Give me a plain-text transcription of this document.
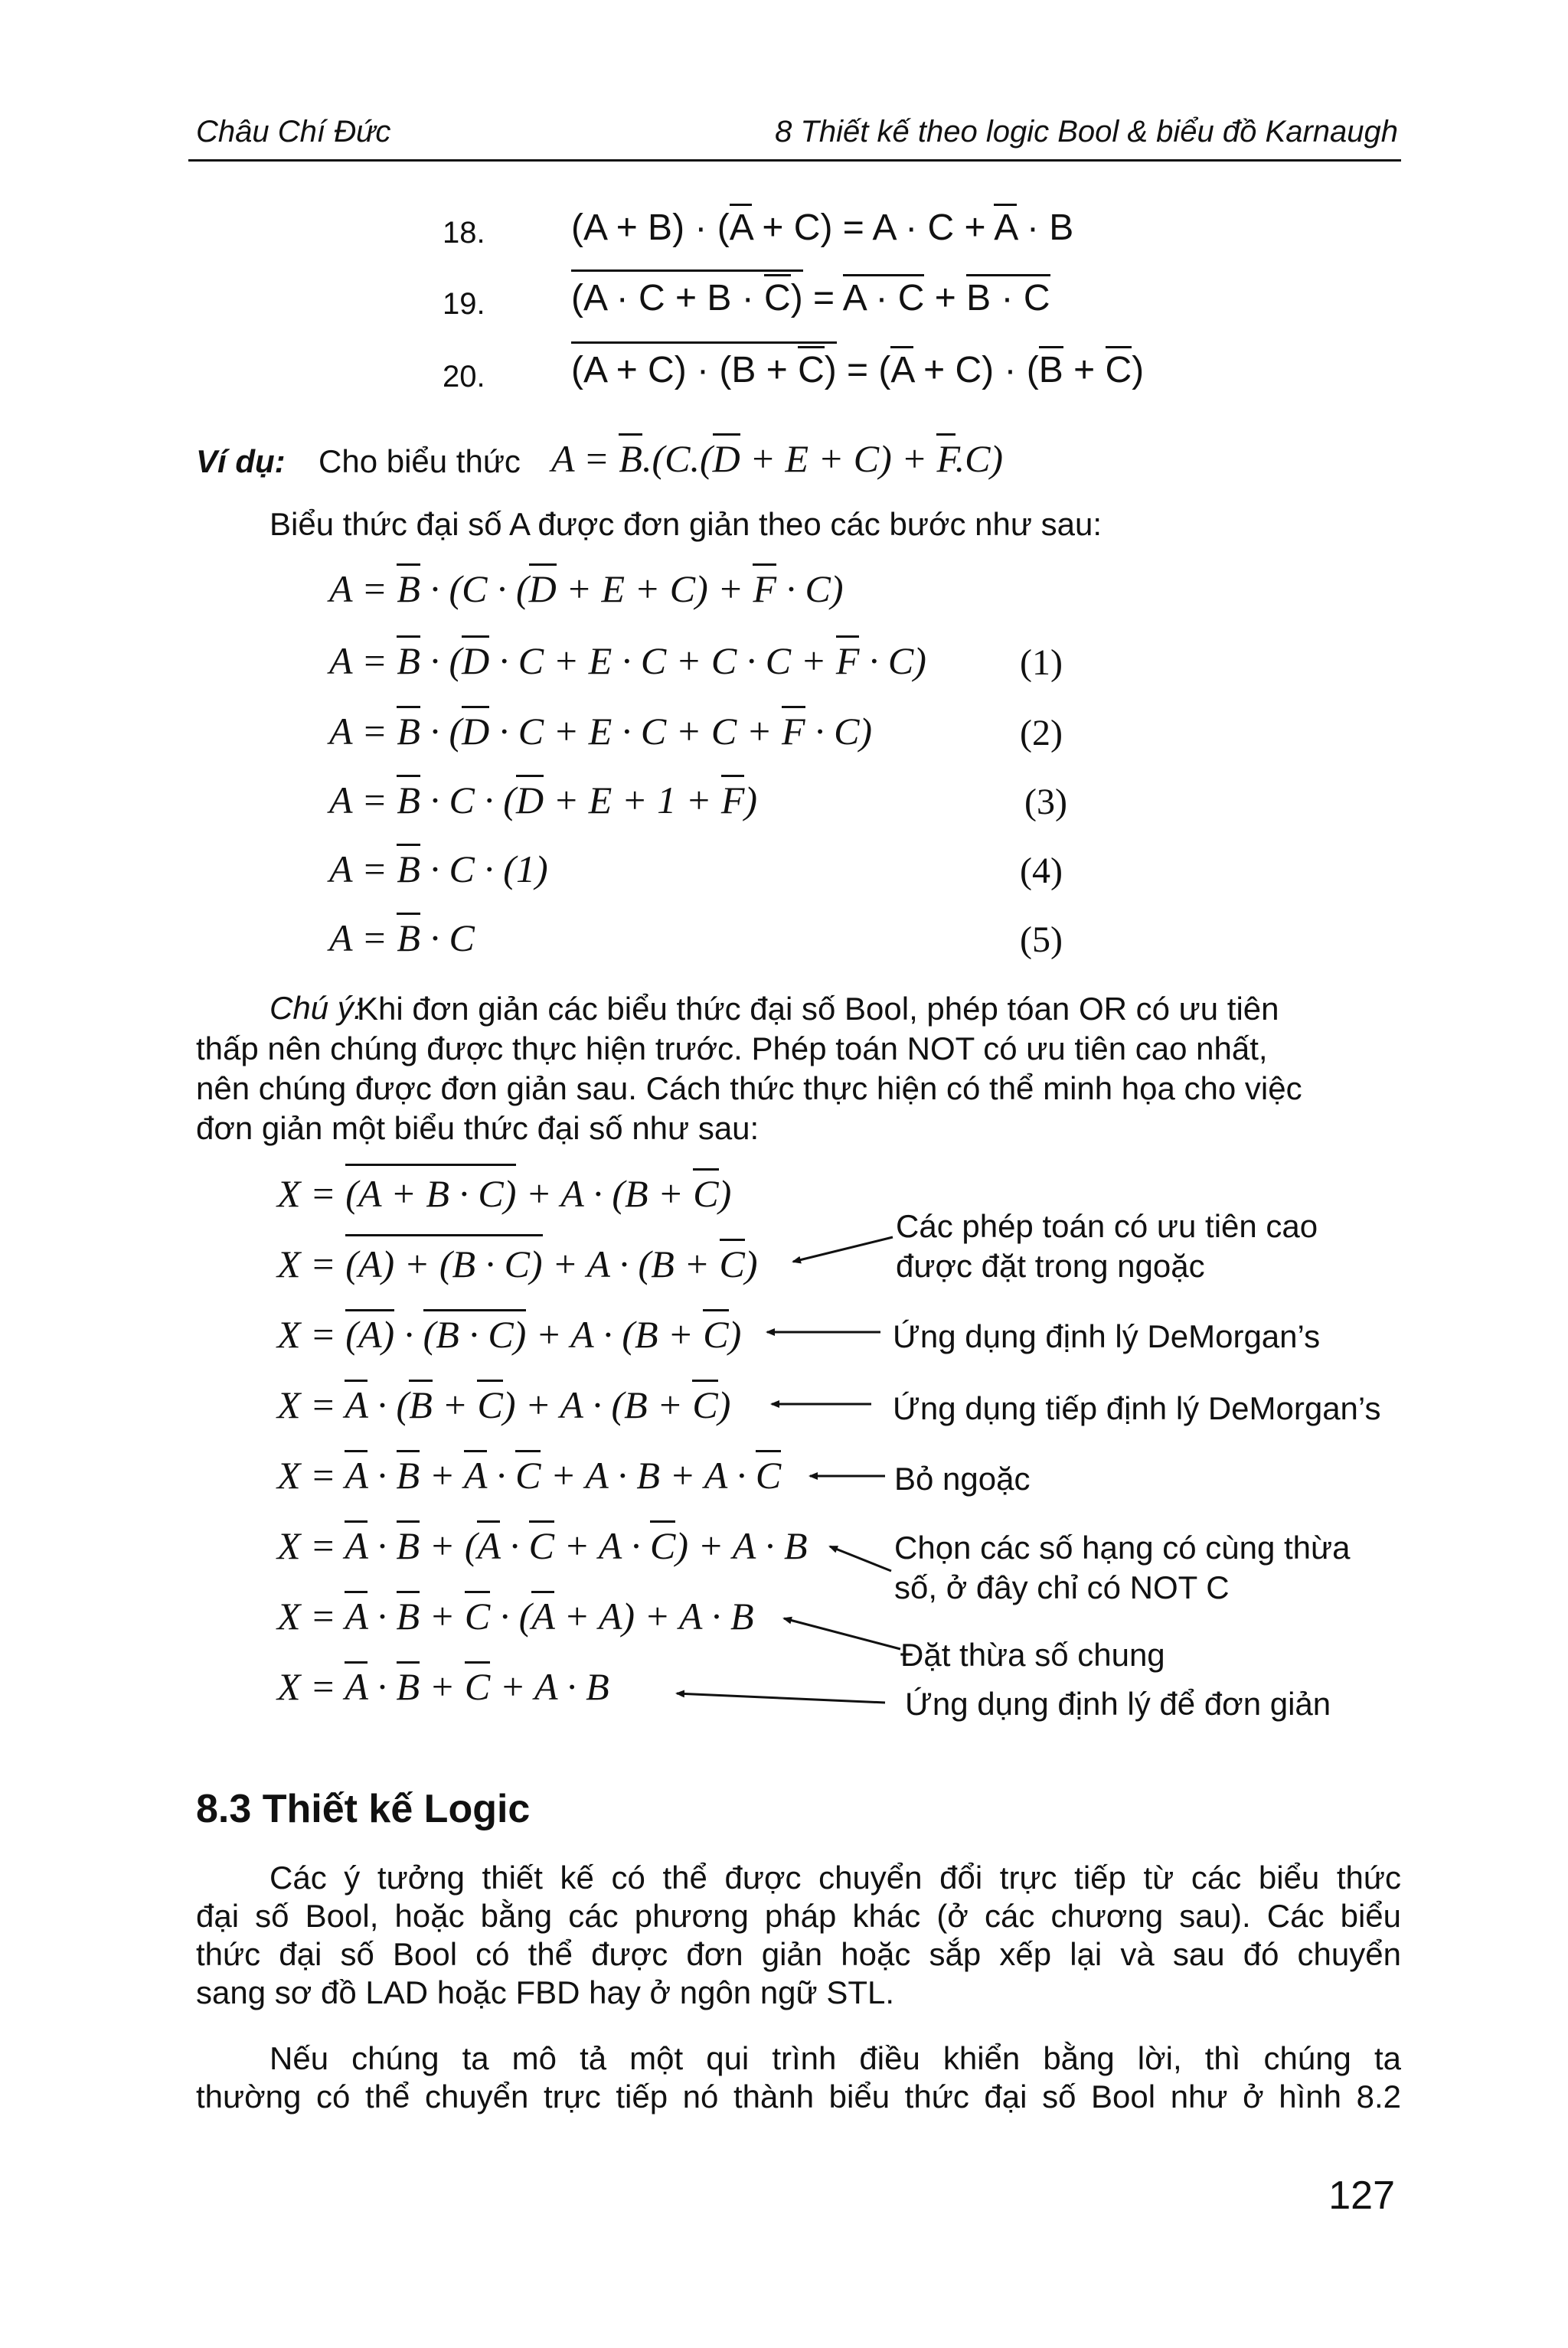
Châu Chí Đức	8 Thiết kế theo logic Bool & biểu đồ Karnaugh
18. (A + B) · (A + C) = A · C + A · B
19. (A · C + B · C) = A · C + B · C
20. (A + C) · (B + C) = (A + C) · (B + C)
Ví dụ: Cho biểu thức A = B.(C.(D + E + C) + F.C)
Biểu thức đại số A được đơn giản theo các bước như sau:
A = B · (C · (D + E + C) + F · C)
A = B · (D · C + E · C + C · C + F · C)	(1)
A = B · (D · C + E · C + C + F · C)	(2)
A = B · C · (D + E + 1 + F)	(3)
A = B · C · (1)	(4)
A = B · C	(5)
Chú ý:
Khi đơn giản các biểu thức đại số Bool, phép tóan OR có ưu tiên
thấp nên chúng được thực hiện trước. Phép toán NOT có ưu tiên cao nhất,
nên chúng được đơn giản sau. Cách thức thực hiện có thể minh họa cho việc
đơn giản một biểu thức đại số như sau:
X = (A + B · C) + A · (B + C)
X = (A) + (B · C) + A · (B + C)
X = (A) · (B · C) + A · (B + C)
X = A · (B + C) + A · (B + C)
X = A · B + A · C + A · B + A · C
X = A · B + (A · C + A · C) + A · B
X = A · B + C · (A + A) + A · B
X = A · B + C + A · B
Các phép toán có ưu tiên cao
được đặt trong ngoặc
Ứng dụng định lý DeMorgan’s
Ứng dụng tiếp định lý DeMorgan’s
Bỏ ngoặc
Chọn các số hạng có cùng thừa
số, ở đây chỉ có NOT C
Đặt thừa số chung
Ứng dụng định lý để đơn giản
8.3 Thiết kế Logic
Các ý tưởng thiết kế có thể được chuyển đổi trực tiếp từ các biểu thức
đại số Bool, hoặc bằng các phương pháp khác (ở các chương sau). Các biểu
thức đại số Bool có thể được đơn giản hoặc sắp xếp lại và sau đó chuyển
sang sơ đồ LAD hoặc FBD hay ở ngôn ngữ STL.
Nếu chúng ta mô tả một qui trình điều khiển bằng lời, thì chúng ta
thường có thể chuyển trực tiếp nó thành biểu thức đại số Bool như ở hình 8.2
127
